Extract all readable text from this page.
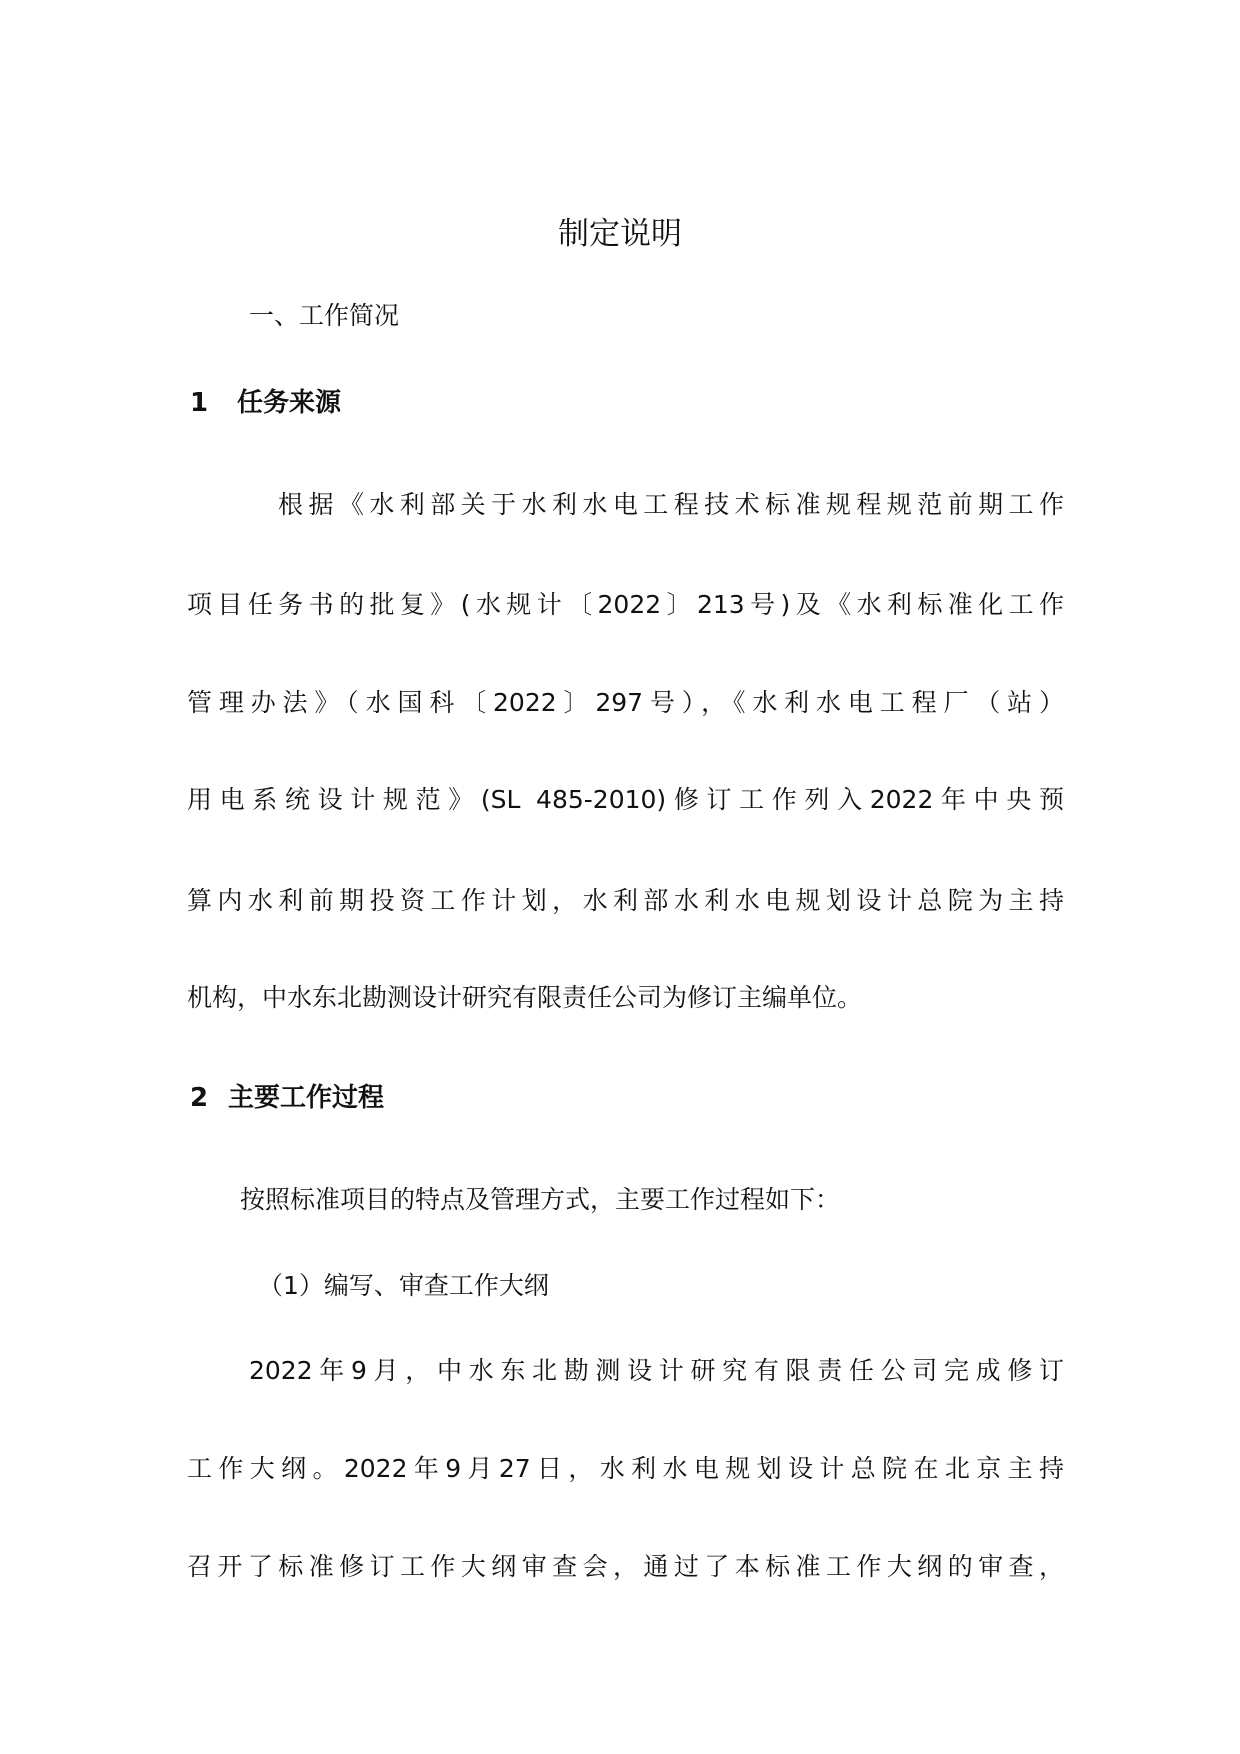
制定说明
一、工作简况
1 任务来源
根据《水利部关于水利水电工程技术标准规程规范前期工作
项目任务书的批复》(水规计〔2022〕213号)及《水利标准化工作
管理办法》（水国科〔2022〕297号），《水利水电工程厂（站）
用电系统设计规范》(SL 485-2010)修订工作列入2022年中央预
算内水利前期投资工作计划，水利部水利水电规划设计总院为主持
机构，中水东北勘测设计研究有限责任公司为修订主编单位。
2 主要工作过程
按照标准项目的特点及管理方式，主要工作过程如下：
（1）编写、审查工作大纲
2022年9月，中水东北勘测设计研究有限责任公司完成修订
工作大纲。2022年9月27日，水利水电规划设计总院在北京主持
召开了标准修订工作大纲审查会，通过了本标准工作大纲的审查，
